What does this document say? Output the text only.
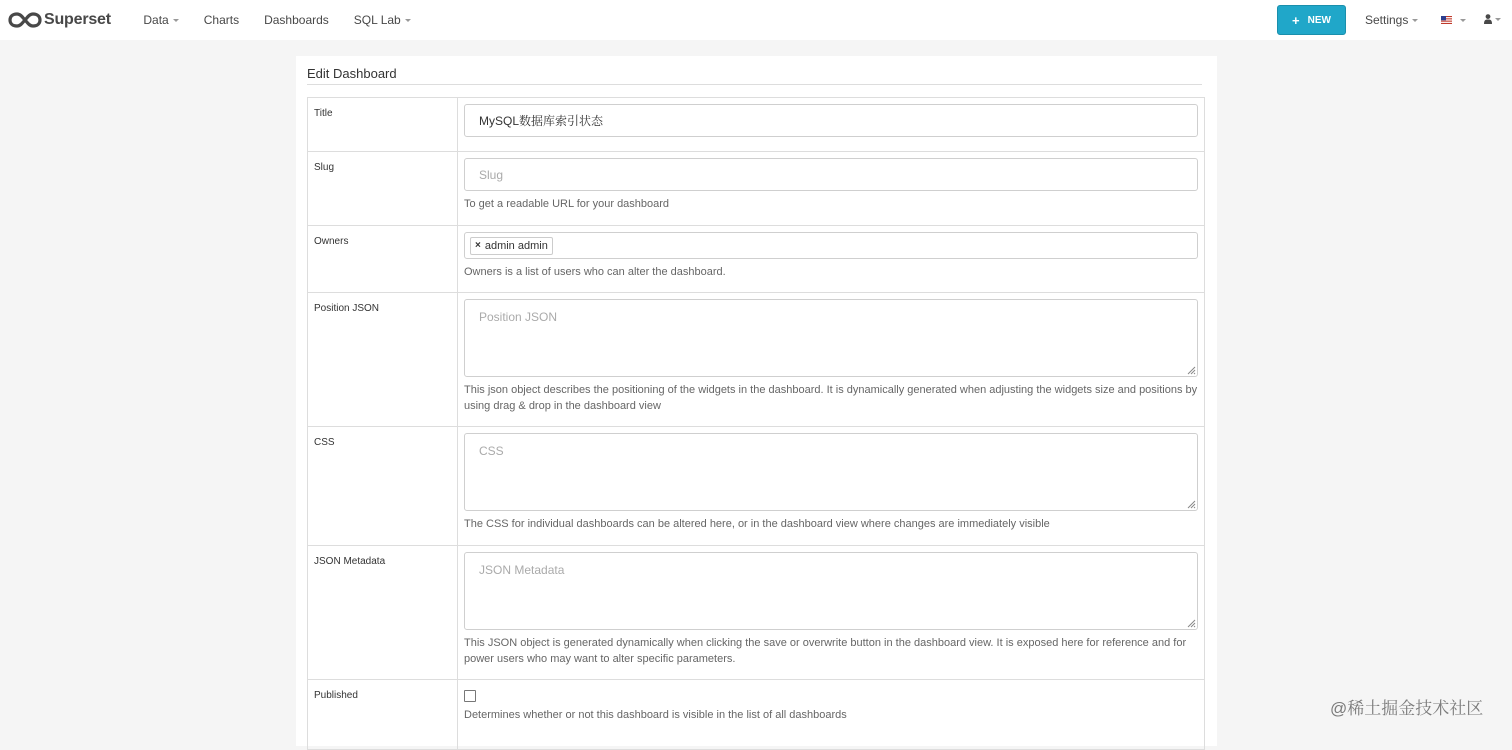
Superset	Data	Charts Dashboards SQL Lab	+ NEW	Settings
Edit Dashboard
Title	MySQL数据库索引状态

Slug	Slug
To get a readable URL for your dashboard

Owners	× admin admin
Owners is a list of users who can alter the dashboard.

Position JSON	Position JSON
This json object describes the positioning of the widgets in the dashboard. It is dynamically generated when adjusting the widgets size and positions by using drag & drop in the dashboard view

CSS	CSS
The CSS for individual dashboards can be altered here, or in the dashboard view where changes are immediately visible

JSON Metadata	JSON Metadata
This JSON object is generated dynamically when clicking the save or overwrite button in the dashboard view. It is exposed here for reference and for power users who may want to alter specific parameters.

Published	Determines whether or not this dashboard is visible in the list of all dashboards	@稀土掘金技术社区
